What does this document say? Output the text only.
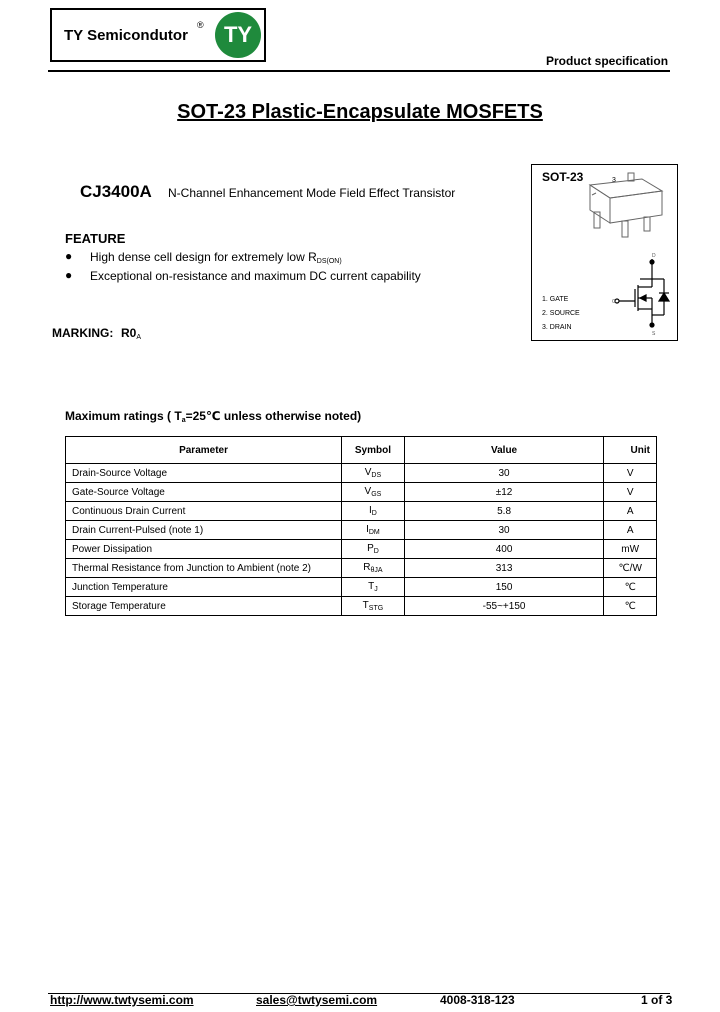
TY Semicondutor
® TY
Product specification
SOT-23 Plastic-Encapsulate MOSFETS
CJ3400A N-Channel Enhancement Mode Field Effect Transistor
D
G
S
SOT-23	3
1. GATE
2. SOURCE
3. DRAIN
FEATURE
● High dense cell design for extremely low $R_{DS(ON)}$
● Exceptional on-resistance and maximum DC current capability
MARKING: $R0_A$
Maximum ratings ( $T_a=25℃$ unless otherwise noted)
Parameter	Symbol	Value	Unit
Drain-Source Voltage	$V_{DS}$	30	V
Gate-Source Voltage	$V_{GS}$	±12	V
Continuous Drain Current	$I_D$	5.8	A
Drain Current-Pulsed (note 1)	$I_{DM}$	30	A
Power Dissipation	$P_D$	400	mW
Thermal Resistance from Junction to Ambient (note 2)	$R_{\theta JA}$	313	℃/W
Junction Temperature	$T_J$	150	℃
Storage Temperature	$T_{STG}$	-55~+150	℃
http://www.twtysemi.com	sales@twtysemi.com	4008-318-123	1 of 3
